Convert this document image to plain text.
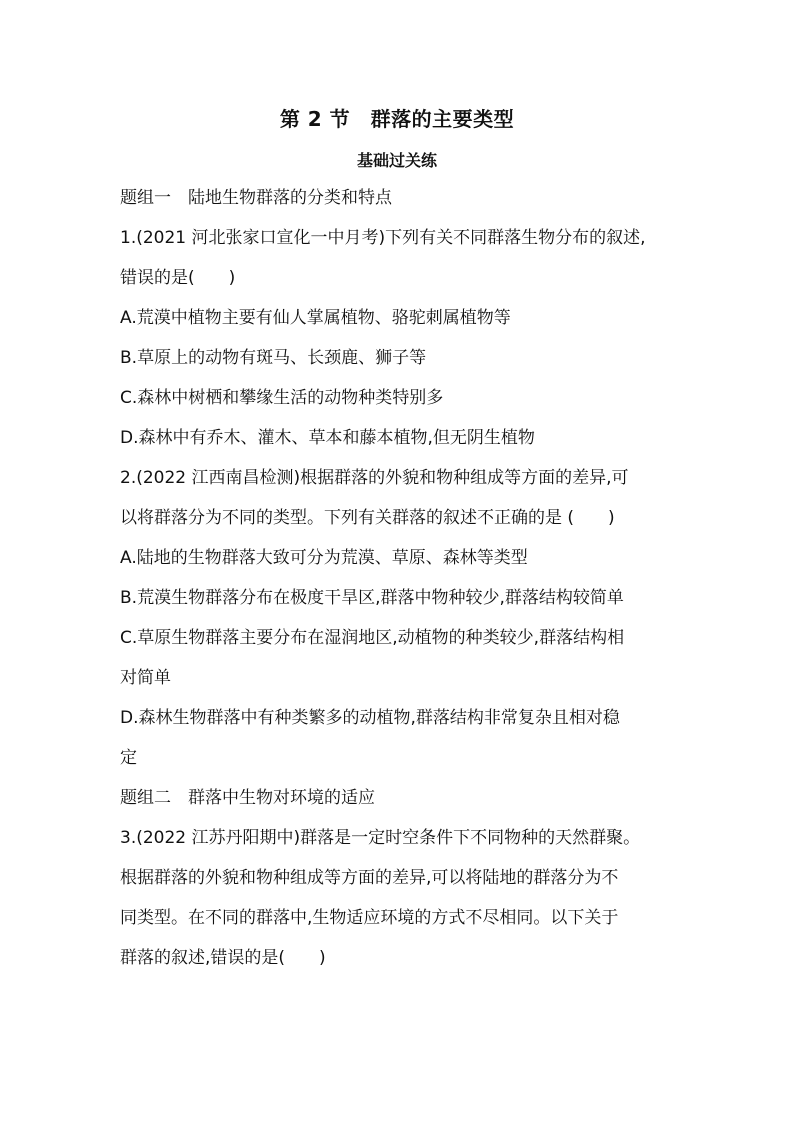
第 2 节　群落的主要类型
基础过关练
题组一　陆地生物群落的分类和特点
1.(2021 河北张家口宣化一中月考)下列有关不同群落生物分布的叙述,
错误的是(　　)
A.荒漠中植物主要有仙人掌属植物、骆驼刺属植物等
B.草原上的动物有斑马、长颈鹿、狮子等
C.森林中树栖和攀缘生活的动物种类特别多
D.森林中有乔木、灌木、草本和藤本植物,但无阴生植物
2.(2022 江西南昌检测)根据群落的外貌和物种组成等方面的差异,可
以将群落分为不同的类型。下列有关群落的叙述不正确的是 (　　)
A.陆地的生物群落大致可分为荒漠、草原、森林等类型
B.荒漠生物群落分布在极度干旱区,群落中物种较少,群落结构较简单
C.草原生物群落主要分布在湿润地区,动植物的种类较少,群落结构相
对简单
D.森林生物群落中有种类繁多的动植物,群落结构非常复杂且相对稳
定
题组二　群落中生物对环境的适应
3.(2022 江苏丹阳期中)群落是一定时空条件下不同物种的天然群聚。
根据群落的外貌和物种组成等方面的差异,可以将陆地的群落分为不
同类型。在不同的群落中,生物适应环境的方式不尽相同。以下关于
群落的叙述,错误的是(　　)
